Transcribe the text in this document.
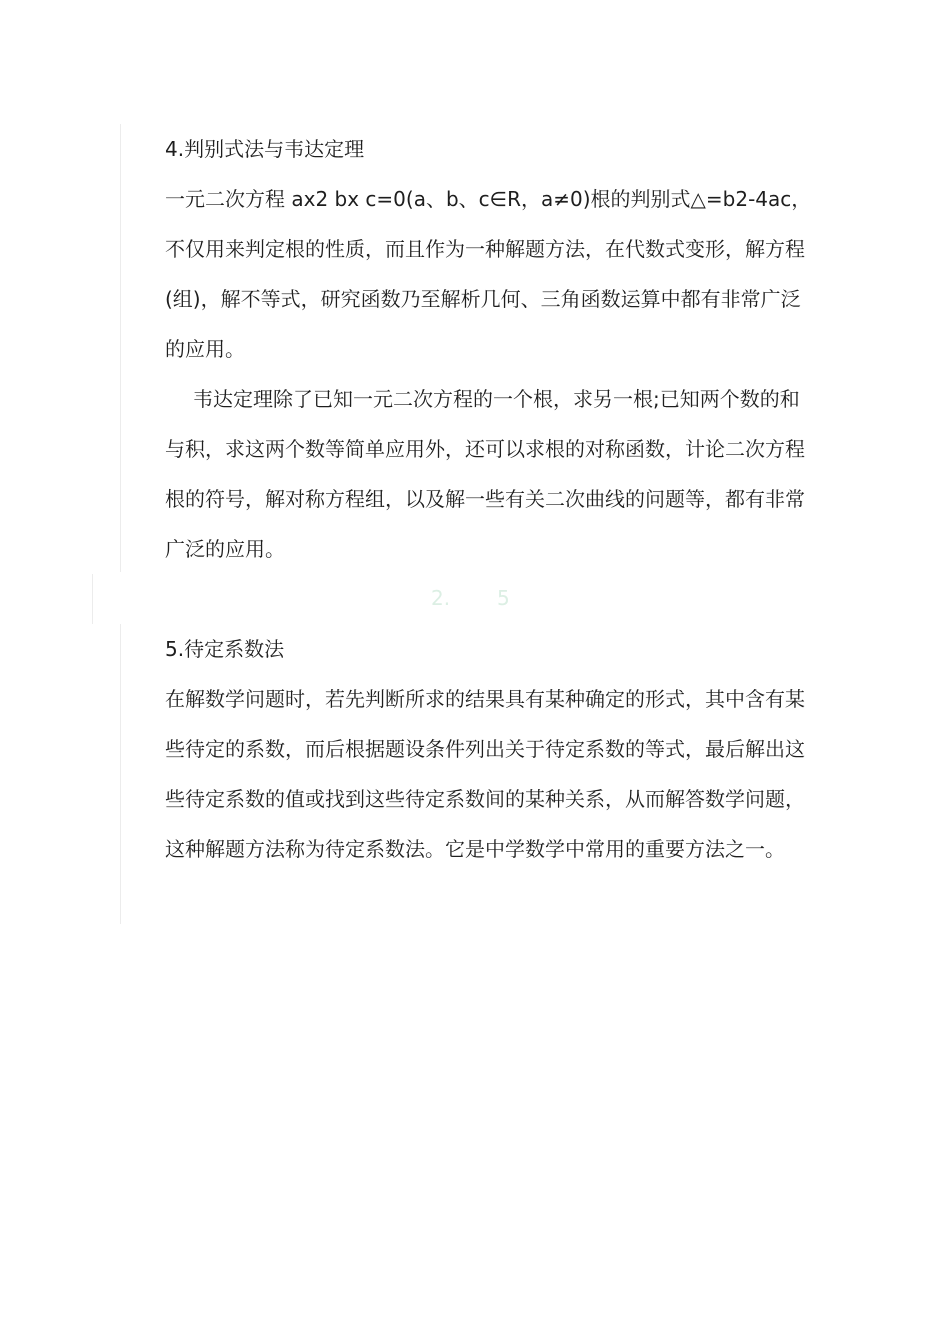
4.判别式法与韦达定理

一元二次方程 ax2 bx c=0(a、b、c∈R，a≠0)根的判别式△=b2-4ac，不仅用来判定根的性质，而且作为一种解题方法，在代数式变形，解方程(组)，解不等式，研究函数乃至解析几何、三角函数运算中都有非常广泛的应用。

韦达定理除了已知一元二次方程的一个根，求另一根;已知两个数的和与积，求这两个数等简单应用外，还可以求根的对称函数，计论二次方程根的符号，解对称方程组，以及解一些有关二次曲线的问题等，都有非常广泛的应用。

2. 5
5.待定系数法

在解数学问题时，若先判断所求的结果具有某种确定的形式，其中含有某些待定的系数，而后根据题设条件列出关于待定系数的等式，最后解出这些待定系数的值或找到这些待定系数间的某种关系，从而解答数学问题，这种解题方法称为待定系数法。它是中学数学中常用的重要方法之一。
